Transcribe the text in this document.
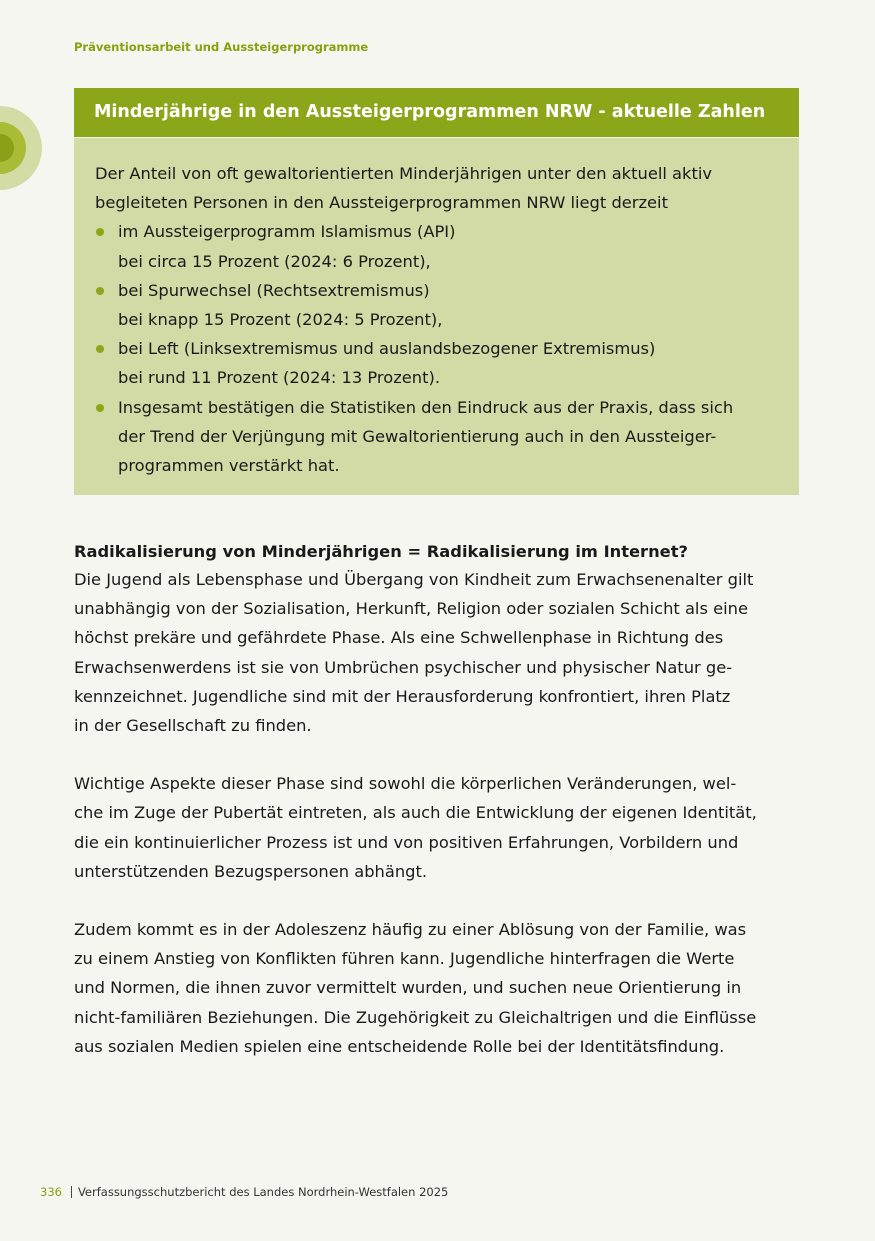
Präventionsarbeit und Aussteigerprogramme
Minderjährige in den Aussteigerprogrammen NRW - aktuelle Zahlen

Der Anteil von oft gewaltorientierten Minderjährigen unter den aktuell aktiv
begleiteten Personen in den Aussteigerprogrammen NRW liegt derzeit

im Aussteigerprogramm Islamismus (API)
bei circa 15 Prozent (2024: 6 Prozent),
bei Spurwechsel (Rechtsextremismus)
bei knapp 15 Prozent (2024: 5 Prozent),
bei Left (Linksextremismus und auslandsbezogener Extremismus)
bei rund 11 Prozent (2024: 13 Prozent).
Insgesamt bestätigen die Statistiken den Eindruck aus der Praxis, dass sich
der Trend der Verjüngung mit Gewaltorientierung auch in den Aussteiger-
programmen verstärkt hat.
Radikalisierung von Minderjährigen = Radikalisierung im Internet?

Die Jugend als Lebensphase und Übergang von Kindheit zum Erwachsenenalter gilt
unabhängig von der Sozialisation, Herkunft, Religion oder sozialen Schicht als eine
höchst prekäre und gefährdete Phase. Als eine Schwellenphase in Richtung des
Erwachsenwerdens ist sie von Umbrüchen psychischer und physischer Natur ge-
kennzeichnet. Jugendliche sind mit der Herausforderung konfrontiert, ihren Platz
in der Gesellschaft zu finden.

Wichtige Aspekte dieser Phase sind sowohl die körperlichen Veränderungen, wel-
che im Zuge der Pubertät eintreten, als auch die Entwicklung der eigenen Identität,
die ein kontinuierlicher Prozess ist und von positiven Erfahrungen, Vorbildern und
unterstützenden Bezugspersonen abhängt.

Zudem kommt es in der Adoleszenz häufig zu einer Ablösung von der Familie, was
zu einem Anstieg von Konflikten führen kann. Jugendliche hinterfragen die Werte
und Normen, die ihnen zuvor vermittelt wurden, und suchen neue Orientierung in
nicht-familiären Beziehungen. Die Zugehörigkeit zu Gleichaltrigen und die Einflüsse
aus sozialen Medien spielen eine entscheidende Rolle bei der Identitätsfindung.

336 Verfassungsschutzbericht des Landes Nordrhein-Westfalen 2025
